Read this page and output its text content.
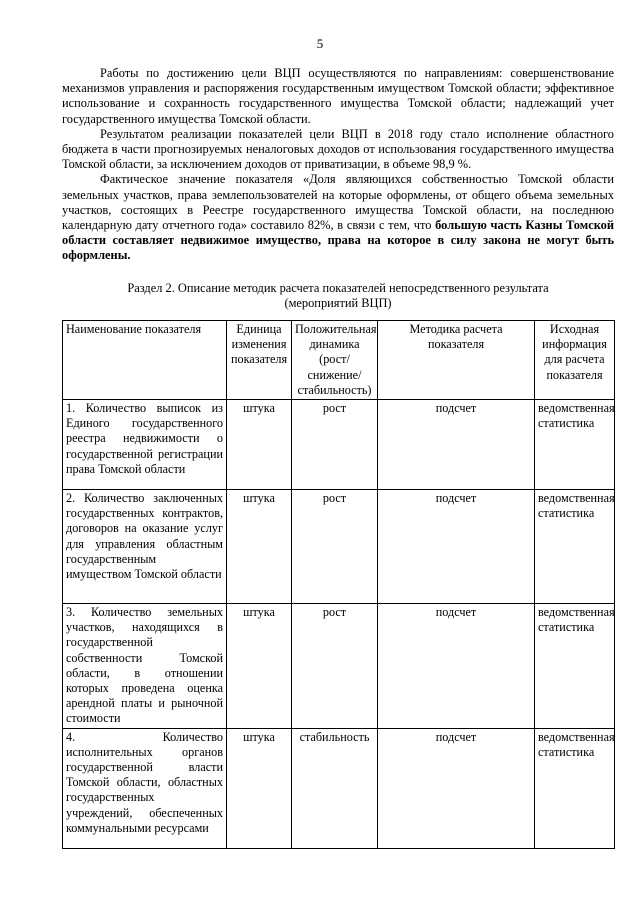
5

Работы по достижению цели ВЦП осуществляются по направлениям: совершенствование механизмов управления и распоряжения государственным имуществом Томской области; эффективное использование и сохранность государственного имущества Томской области; надлежащий учет государственного имущества Томской области.

Результатом реализации показателей цели ВЦП в 2018 году стало исполнение областного бюджета в части прогнозируемых неналоговых доходов от использования государственного имущества Томской области, за исключением доходов от приватизации, в объеме 98,9 %.

Фактическое значение показателя «Доля являющихся собственностью Томской области земельных участков, права землепользователей на которые оформлены, от общего объема земельных участков, состоящих в Реестре государственного имущества Томской области, на последнюю календарную дату отчетного года» составило 82%, в связи с тем, что большую часть Казны Томской области составляет недвижимое имущество, права на которое в силу закона не могут быть оформлены.

Раздел 2. Описание методик расчета показателей непосредственного результата
(мероприятий ВЦП)
Наименование показателя	Единица изменения показателя	Положительная динамика (рост/снижение/ стабильность)	Методика расчета показателя	Исходная информация для расчета показателя
1. Количество выписок из Единого государственного реестра недвижимости о государственной регистрации права Томской области	штука	рост	подсчет	ведомственная статистика
2. Количество заключенных государственных контрактов, договоров на оказание услуг для управления областным государственным имуществом Томской области	штука	рост	подсчет	ведомственная статистика
3. Количество земельных участков, находящихся в государственной собственности Томской области, в отношении которых проведена оценка арендной платы и рыночной стоимости	штука	рост	подсчет	ведомственная статистика
4. Количество исполнительных органов государственной власти Томской области, областных государственных учреждений, обеспеченных коммунальными ресурсами	штука	стабильность	подсчет	ведомственная статистика
